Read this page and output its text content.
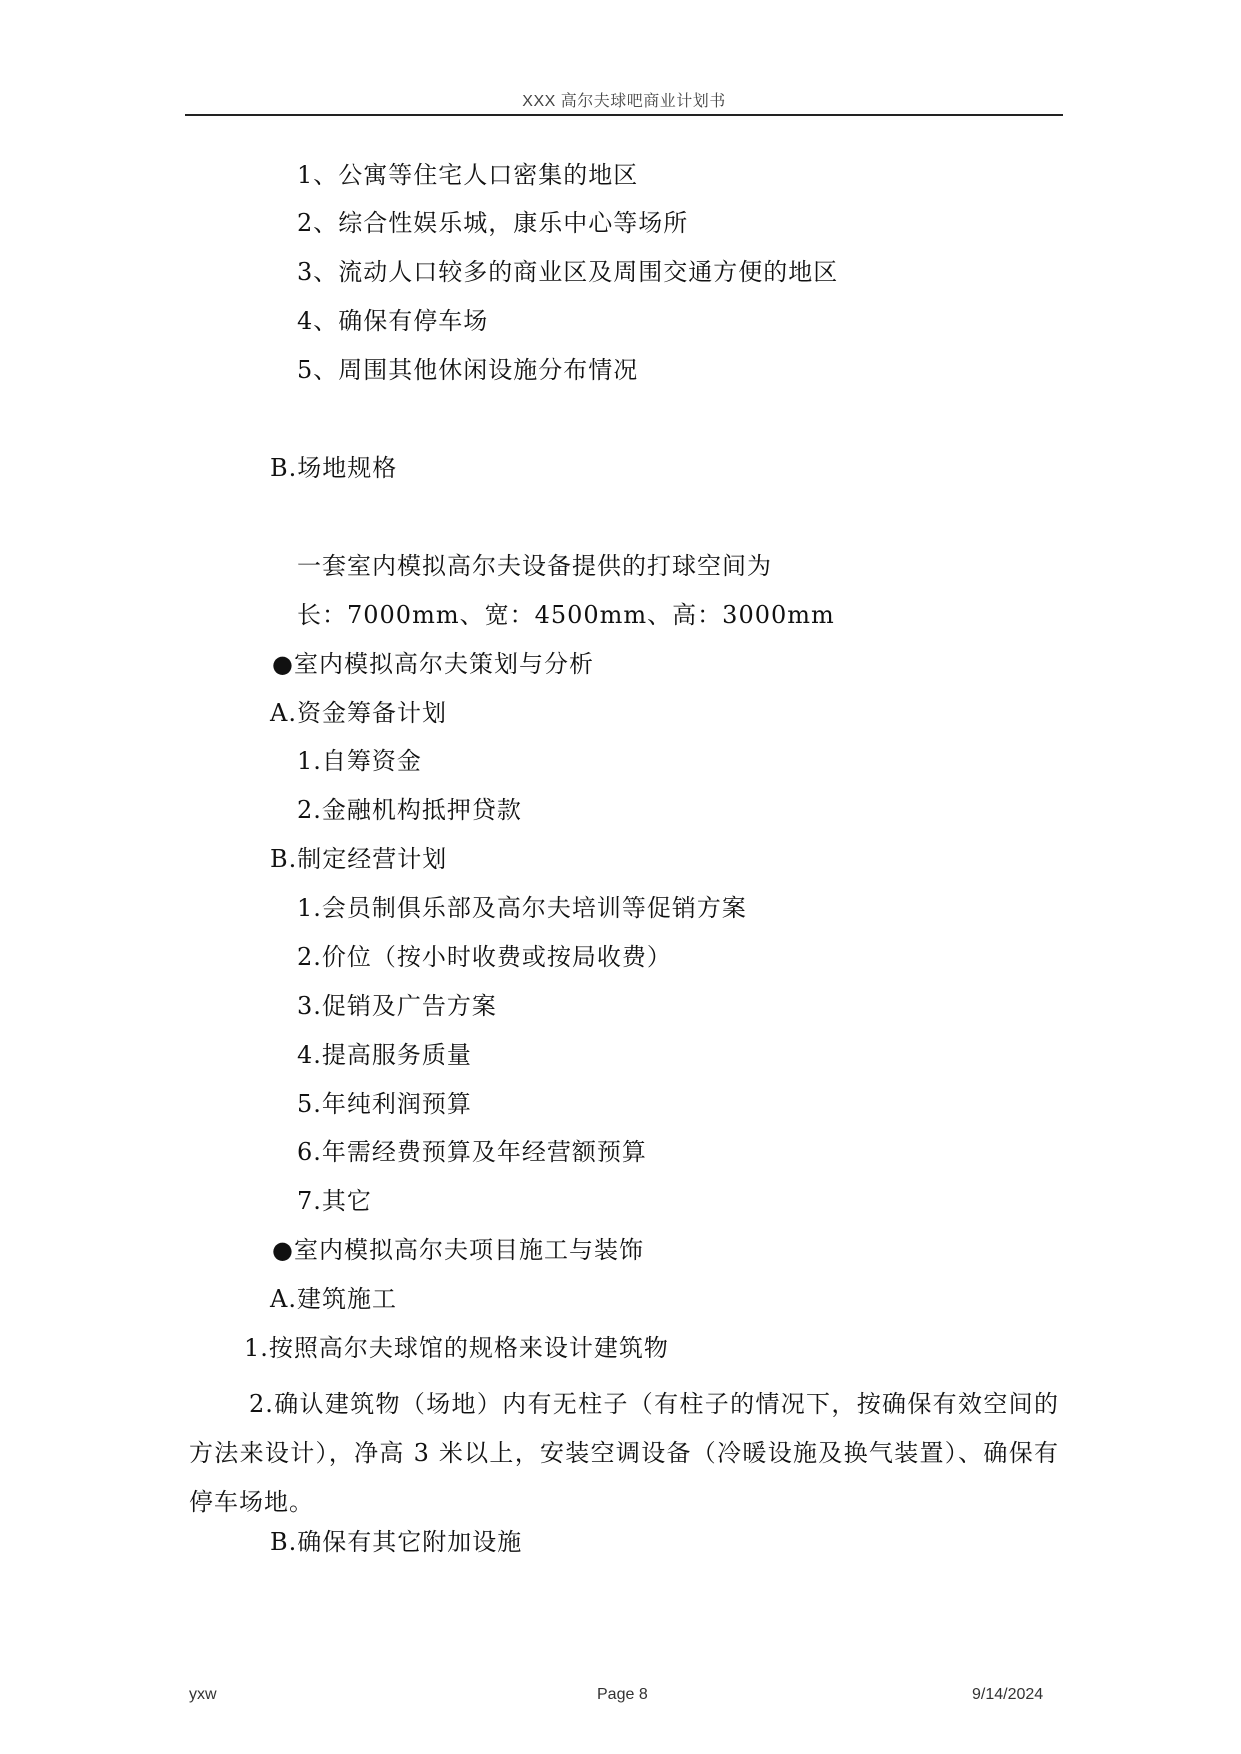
XXX 高尔夫球吧商业计划书
1、公寓等住宅人口密集的地区
2、综合性娱乐城，康乐中心等场所
3、流动人口较多的商业区及周围交通方便的地区
4、确保有停车场
5、周围其他休闲设施分布情况
B.场地规格
一套室内模拟高尔夫设备提供的打球空间为
长：7000mm、宽：4500mm、高：3000mm
●室内模拟高尔夫策划与分析
A.资金筹备计划
1.自筹资金
2.金融机构抵押贷款
B.制定经营计划
1.会员制俱乐部及高尔夫培训等促销方案
2.价位（按小时收费或按局收费）
3.促销及广告方案
4.提高服务质量
5.年纯利润预算
6.年需经费预算及年经营额预算
7.其它
●室内模拟高尔夫项目施工与装饰
A.建筑施工
1.按照高尔夫球馆的规格来设计建筑物
2.确认建筑物（场地）内有无柱子（有柱子的情况下，按确保有效空间的方法来设计），净高 3 米以上，安装空调设备（冷暖设施及换气装置）、确保有停车场地。
B.确保有其它附加设施
yxw	Page 8	9/14/2024
